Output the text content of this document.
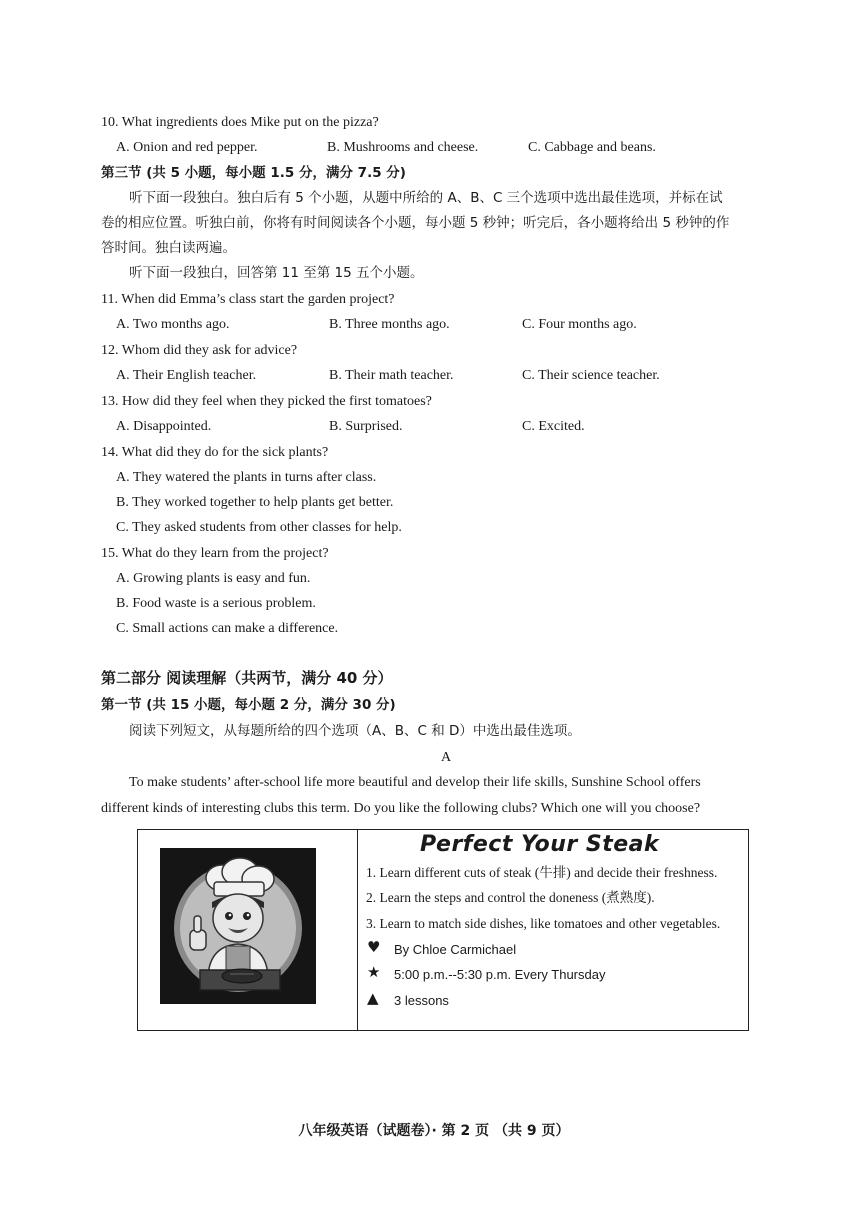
10. What ingredients does Mike put on the pizza?
A. Onion and red pepper.	B. Mushrooms and cheese.	C. Cabbage and beans.
第三节 (共 5 小题，每小题 1.5 分，满分 7.5 分)
听下面一段独白。独白后有 5 个小题，从题中所给的 A、B、C 三个选项中选出最佳选项，并标在试
卷的相应位置。听独白前，你将有时间阅读各个小题，每小题 5 秒钟；听完后，各小题将给出 5 秒钟的作
答时间。独白读两遍。
听下面一段独白，回答第 11 至第 15 五个小题。
11. When did Emma’s class start the garden project?
A. Two months ago.	B. Three months ago.	C. Four months ago.
12. Whom did they ask for advice?
A. Their English teacher.	B. Their math teacher.	C. Their science teacher.
13. How did they feel when they picked the first tomatoes?
A. Disappointed.	B. Surprised.	C. Excited.
14. What did they do for the sick plants?
A. They watered the plants in turns after class.
B. They worked together to help plants get better.
C. They asked students from other classes for help.
15. What do they learn from the project?
A. Growing plants is easy and fun.
B. Food waste is a serious problem.
C. Small actions can make a difference.
第二部分 阅读理解（共两节，满分 40 分）
第一节 (共 15 小题，每小题 2 分，满分 30 分)
阅读下列短文，从每题所给的四个选项（A、B、C 和 D）中选出最佳选项。
A
To make students’ after-school life more beautiful and develop their life skills, Sunshine School offers
different kinds of interesting clubs this term. Do you like the following clubs? Which one will you choose?
Perfect Your Steak
1. Learn different cuts of steak (牛排) and decide their freshness.
2. Learn the steps and control the doneness (煮熟度).
3. Learn to match side dishes, like tomatoes and other vegetables.
♥ By Chloe Carmichael
★ 5:00 p.m.--5:30 p.m. Every Thursday
▲ 3 lessons
八年级英语（试题卷）· 第 2 页 （共 9 页）
